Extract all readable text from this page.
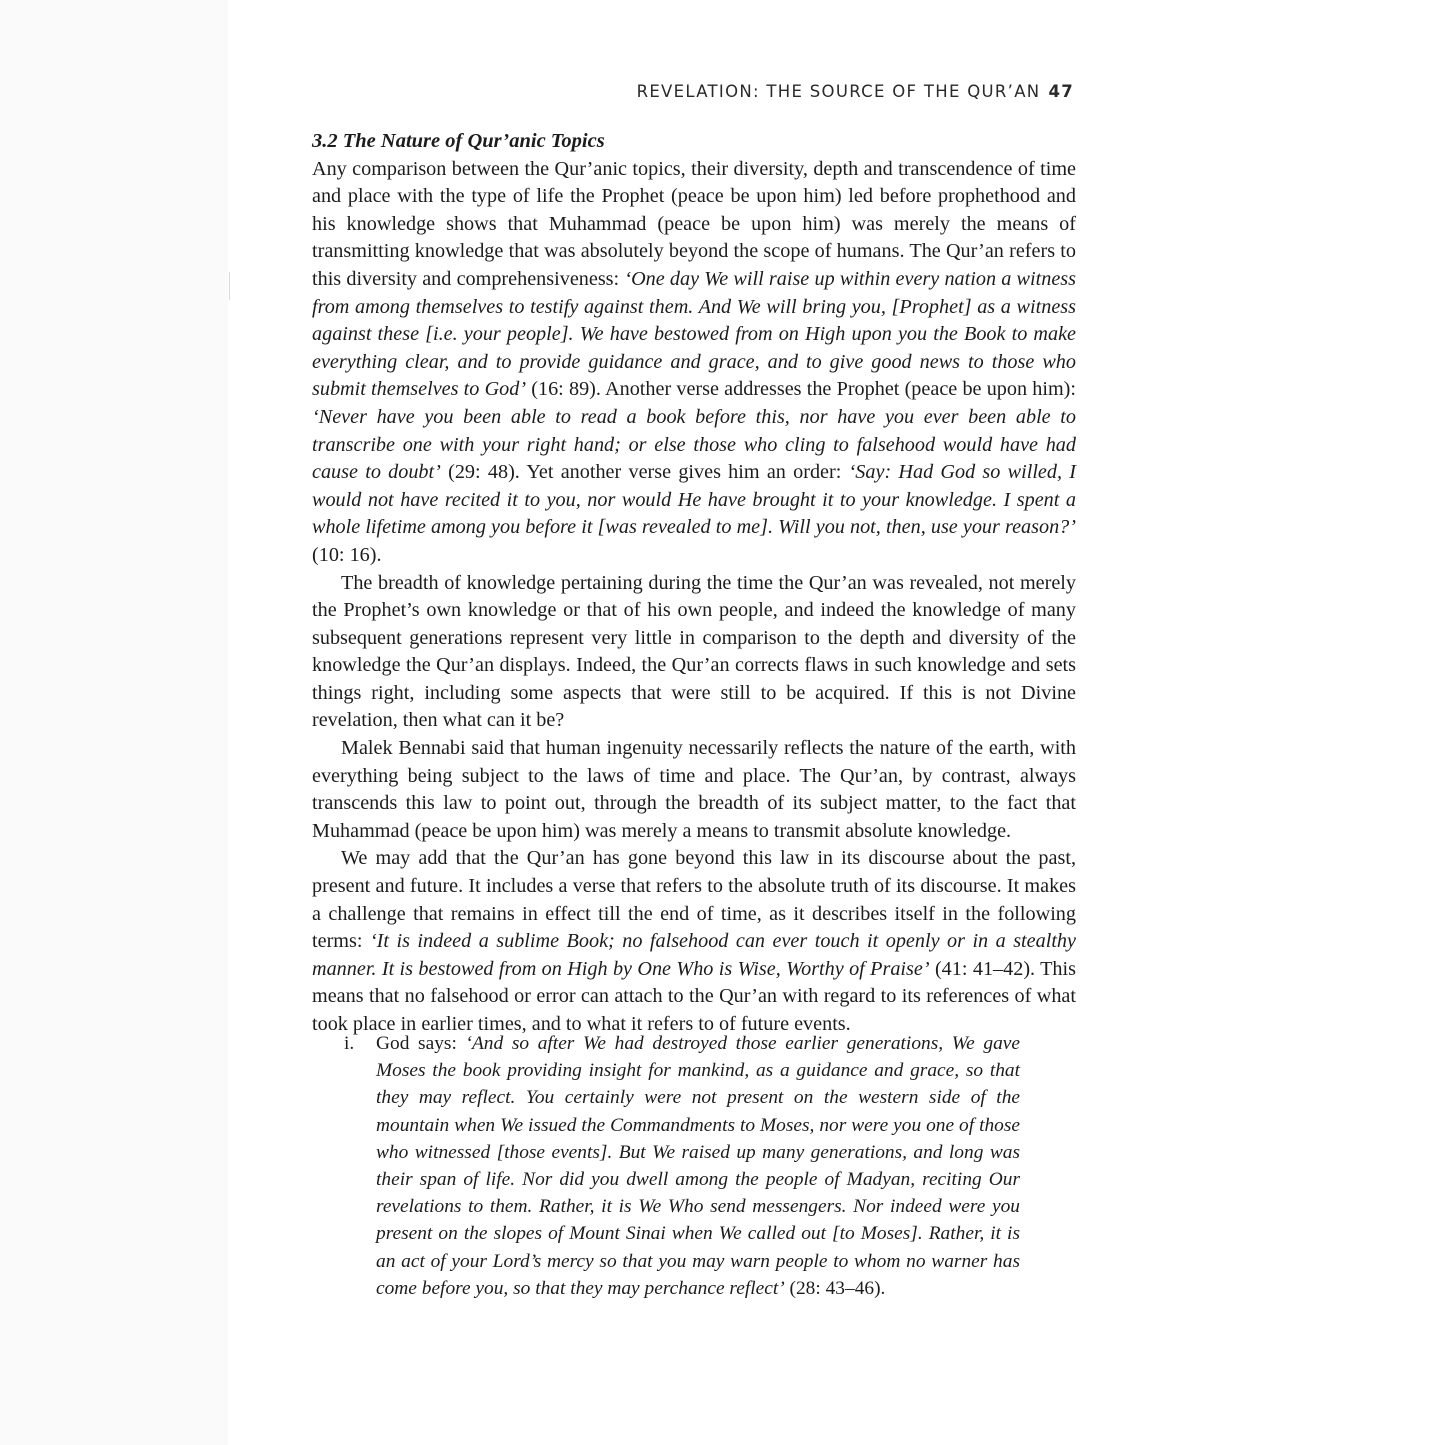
REVELATION: THE SOURCE OF THE QUR’AN 47
3.2 The Nature of Qur’anic Topics

Any comparison between the Qur’anic topics, their diversity, depth and transcendence of time and place with the type of life the Prophet (peace be upon him) led before prophethood and his knowledge shows that Muhammad (peace be upon him) was merely the means of transmitting knowledge that was absolutely beyond the scope of humans. The Qur’an refers to this diversity and comprehensiveness: ‘One day We will raise up within every nation a witness from among themselves to testify against them. And We will bring you, [Prophet] as a witness against these [i.e. your people]. We have bestowed from on High upon you the Book to make everything clear, and to provide guidance and grace, and to give good news to those who submit themselves to God’ (16: 89). Another verse addresses the Prophet (peace be upon him): ‘Never have you been able to read a book before this, nor have you ever been able to transcribe one with your right hand; or else those who cling to falsehood would have had cause to doubt’ (29: 48). Yet another verse gives him an order: ‘Say: Had God so willed, I would not have recited it to you, nor would He have brought it to your knowledge. I spent a whole lifetime among you before it [was revealed to me]. Will you not, then, use your reason?’ (10: 16).

The breadth of knowledge pertaining during the time the Qur’an was revealed, not merely the Prophet’s own knowledge or that of his own people, and indeed the knowledge of many subsequent generations represent very little in comparison to the depth and diversity of the knowledge the Qur’an displays. Indeed, the Qur’an corrects flaws in such knowledge and sets things right, including some aspects that were still to be acquired. If this is not Divine revelation, then what can it be?

Malek Bennabi said that human ingenuity necessarily reflects the nature of the earth, with everything being subject to the laws of time and place. The Qur’an, by contrast, always transcends this law to point out, through the breadth of its subject matter, to the fact that Muhammad (peace be upon him) was merely a means to transmit absolute knowledge.

We may add that the Qur’an has gone beyond this law in its discourse about the past, present and future. It includes a verse that refers to the absolute truth of its discourse. It makes a challenge that remains in effect till the end of time, as it describes itself in the following terms: ‘It is indeed a sublime Book; no falsehood can ever touch it openly or in a stealthy manner. It is bestowed from on High by One Who is Wise, Worthy of Praise’ (41: 41–42). This means that no falsehood or error can attach to the Qur’an with regard to its references of what took place in earlier times, and to what it refers to of future events.

i.	God says: ‘And so after We had destroyed those earlier generations, We gave Moses the book providing insight for mankind, as a guidance and grace, so that they may reflect. You certainly were not present on the western side of the mountain when We issued the Commandments to Moses, nor were you one of those who witnessed [those events]. But We raised up many generations, and long was their span of life. Nor did you dwell among the people of Madyan, reciting Our revelations to them. Rather, it is We Who send messengers. Nor indeed were you present on the slopes of Mount Sinai when We called out [to Moses]. Rather, it is an act of your Lord’s mercy so that you may warn people to whom no warner has come before you, so that they may perchance reflect’ (28: 43–46).
